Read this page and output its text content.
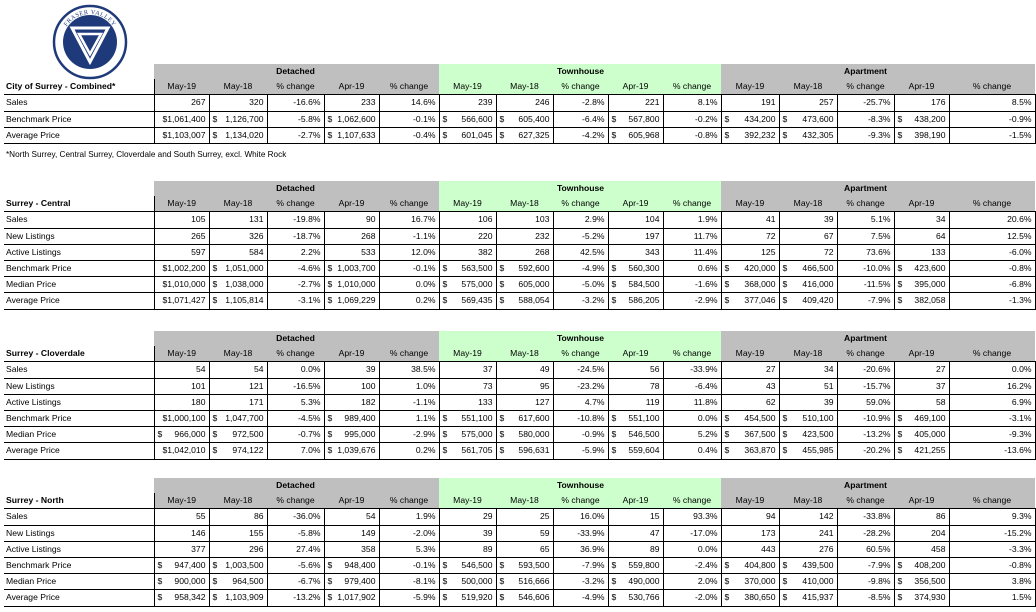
FRASER VALLEY
REAL ESTATE BOARD
			Detached					Townhouse					Apartment		
City of Surrey - Combined*	May-19	May-18	% change	Apr-19	% change	May-19	May-18	% change	Apr-19	% change	May-19	May-18	% change	Apr-19	% change
Sales	267	320	-16.6%	233	14.6%	239	246	-2.8%	221	8.1%	191	257	-25.7%	176	8.5%
Benchmark Price	$1,061,400	$ 1,126,700	-5.8%	$ 1,062,600	-0.1%	$ 566,600	$ 605,400	-6.4%	$ 567,800	-0.2%	$ 434,200	$ 473,600	-8.3%	$ 438,200	-0.9%
Average Price	$1,103,007	$ 1,134,020	-2.7%	$ 1,107,633	-0.4%	$ 601,045	$ 627,325	-4.2%	$ 605,968	-0.8%	$ 392,232	$ 432,305	-9.3%	$ 398,190	-1.5%
			Detached					Townhouse					Apartment		
Surrey - Central	May-19	May-18	% change	Apr-19	% change	May-19	May-18	% change	Apr-19	% change	May-19	May-18	% change	Apr-19	% change
Sales	105	131	-19.8%	90	16.7%	106	103	2.9%	104	1.9%	41	39	5.1%	34	20.6%
New Listings	265	326	-18.7%	268	-1.1%	220	232	-5.2%	197	11.7%	72	67	7.5%	64	12.5%
Active Listings	597	584	2.2%	533	12.0%	382	268	42.5%	343	11.4%	125	72	73.6%	133	-6.0%
Benchmark Price	$1,002,200	$ 1,051,000	-4.6%	$ 1,003,700	-0.1%	$ 563,500	$ 592,600	-4.9%	$ 560,300	0.6%	$ 420,000	$ 466,500	-10.0%	$ 423,600	-0.8%
Median Price	$1,010,000	$ 1,038,000	-2.7%	$ 1,010,000	0.0%	$ 575,000	$ 605,000	-5.0%	$ 584,500	-1.6%	$ 368,000	$ 416,000	-11.5%	$ 395,000	-6.8%
Average Price	$1,071,427	$ 1,105,814	-3.1%	$ 1,069,229	0.2%	$ 569,435	$ 588,054	-3.2%	$ 586,205	-2.9%	$ 377,046	$ 409,420	-7.9%	$ 382,058	-1.3%
			Detached					Townhouse					Apartment		
Surrey - Cloverdale	May-19	May-18	% change	Apr-19	% change	May-19	May-18	% change	Apr-19	% change	May-19	May-18	% change	Apr-19	% change
Sales	54	54	0.0%	39	38.5%	37	49	-24.5%	56	-33.9%	27	34	-20.6%	27	0.0%
New Listings	101	121	-16.5%	100	1.0%	73	95	-23.2%	78	-6.4%	43	51	-15.7%	37	16.2%
Active Listings	180	171	5.3%	182	-1.1%	133	127	4.7%	119	11.8%	62	39	59.0%	58	6.9%
Benchmark Price	$1,000,100	$ 1,047,700	-4.5%	$ 989,400	1.1%	$ 551,100	$ 617,600	-10.8%	$ 551,100	0.0%	$ 454,500	$ 510,100	-10.9%	$ 469,100	-3.1%
Median Price	$ 966,000	$ 972,500	-0.7%	$ 995,000	-2.9%	$ 575,000	$ 580,000	-0.9%	$ 546,500	5.2%	$ 367,500	$ 423,500	-13.2%	$ 405,000	-9.3%
Average Price	$1,042,010	$ 974,122	7.0%	$ 1,039,676	0.2%	$ 561,705	$ 596,631	-5.9%	$ 559,604	0.4%	$ 363,870	$ 455,985	-20.2%	$ 421,255	-13.6%
			Detached					Townhouse					Apartment		
Surrey - North	May-19	May-18	% change	Apr-19	% change	May-19	May-18	% change	Apr-19	% change	May-19	May-18	% change	Apr-19	% change
Sales	55	86	-36.0%	54	1.9%	29	25	16.0%	15	93.3%	94	142	-33.8%	86	9.3%
New Listings	146	155	-5.8%	149	-2.0%	39	59	-33.9%	47	-17.0%	173	241	-28.2%	204	-15.2%
Active Listings	377	296	27.4%	358	5.3%	89	65	36.9%	89	0.0%	443	276	60.5%	458	-3.3%
Benchmark Price	$ 947,400	$ 1,003,500	-5.6%	$ 948,400	-0.1%	$ 546,500	$ 593,500	-7.9%	$ 559,800	-2.4%	$ 404,800	$ 439,500	-7.9%	$ 408,200	-0.8%
Median Price	$ 900,000	$ 964,500	-6.7%	$ 979,400	-8.1%	$ 500,000	$ 516,666	-3.2%	$ 490,000	2.0%	$ 370,000	$ 410,000	-9.8%	$ 356,500	3.8%
Average Price	$ 958,342	$ 1,103,909	-13.2%	$ 1,017,902	-5.9%	$ 519,920	$ 546,606	-4.9%	$ 530,766	-2.0%	$ 380,650	$ 415,937	-8.5%	$ 374,930	1.5%
*North Surrey, Central Surrey, Cloverdale and South Surrey, excl. White Rock
